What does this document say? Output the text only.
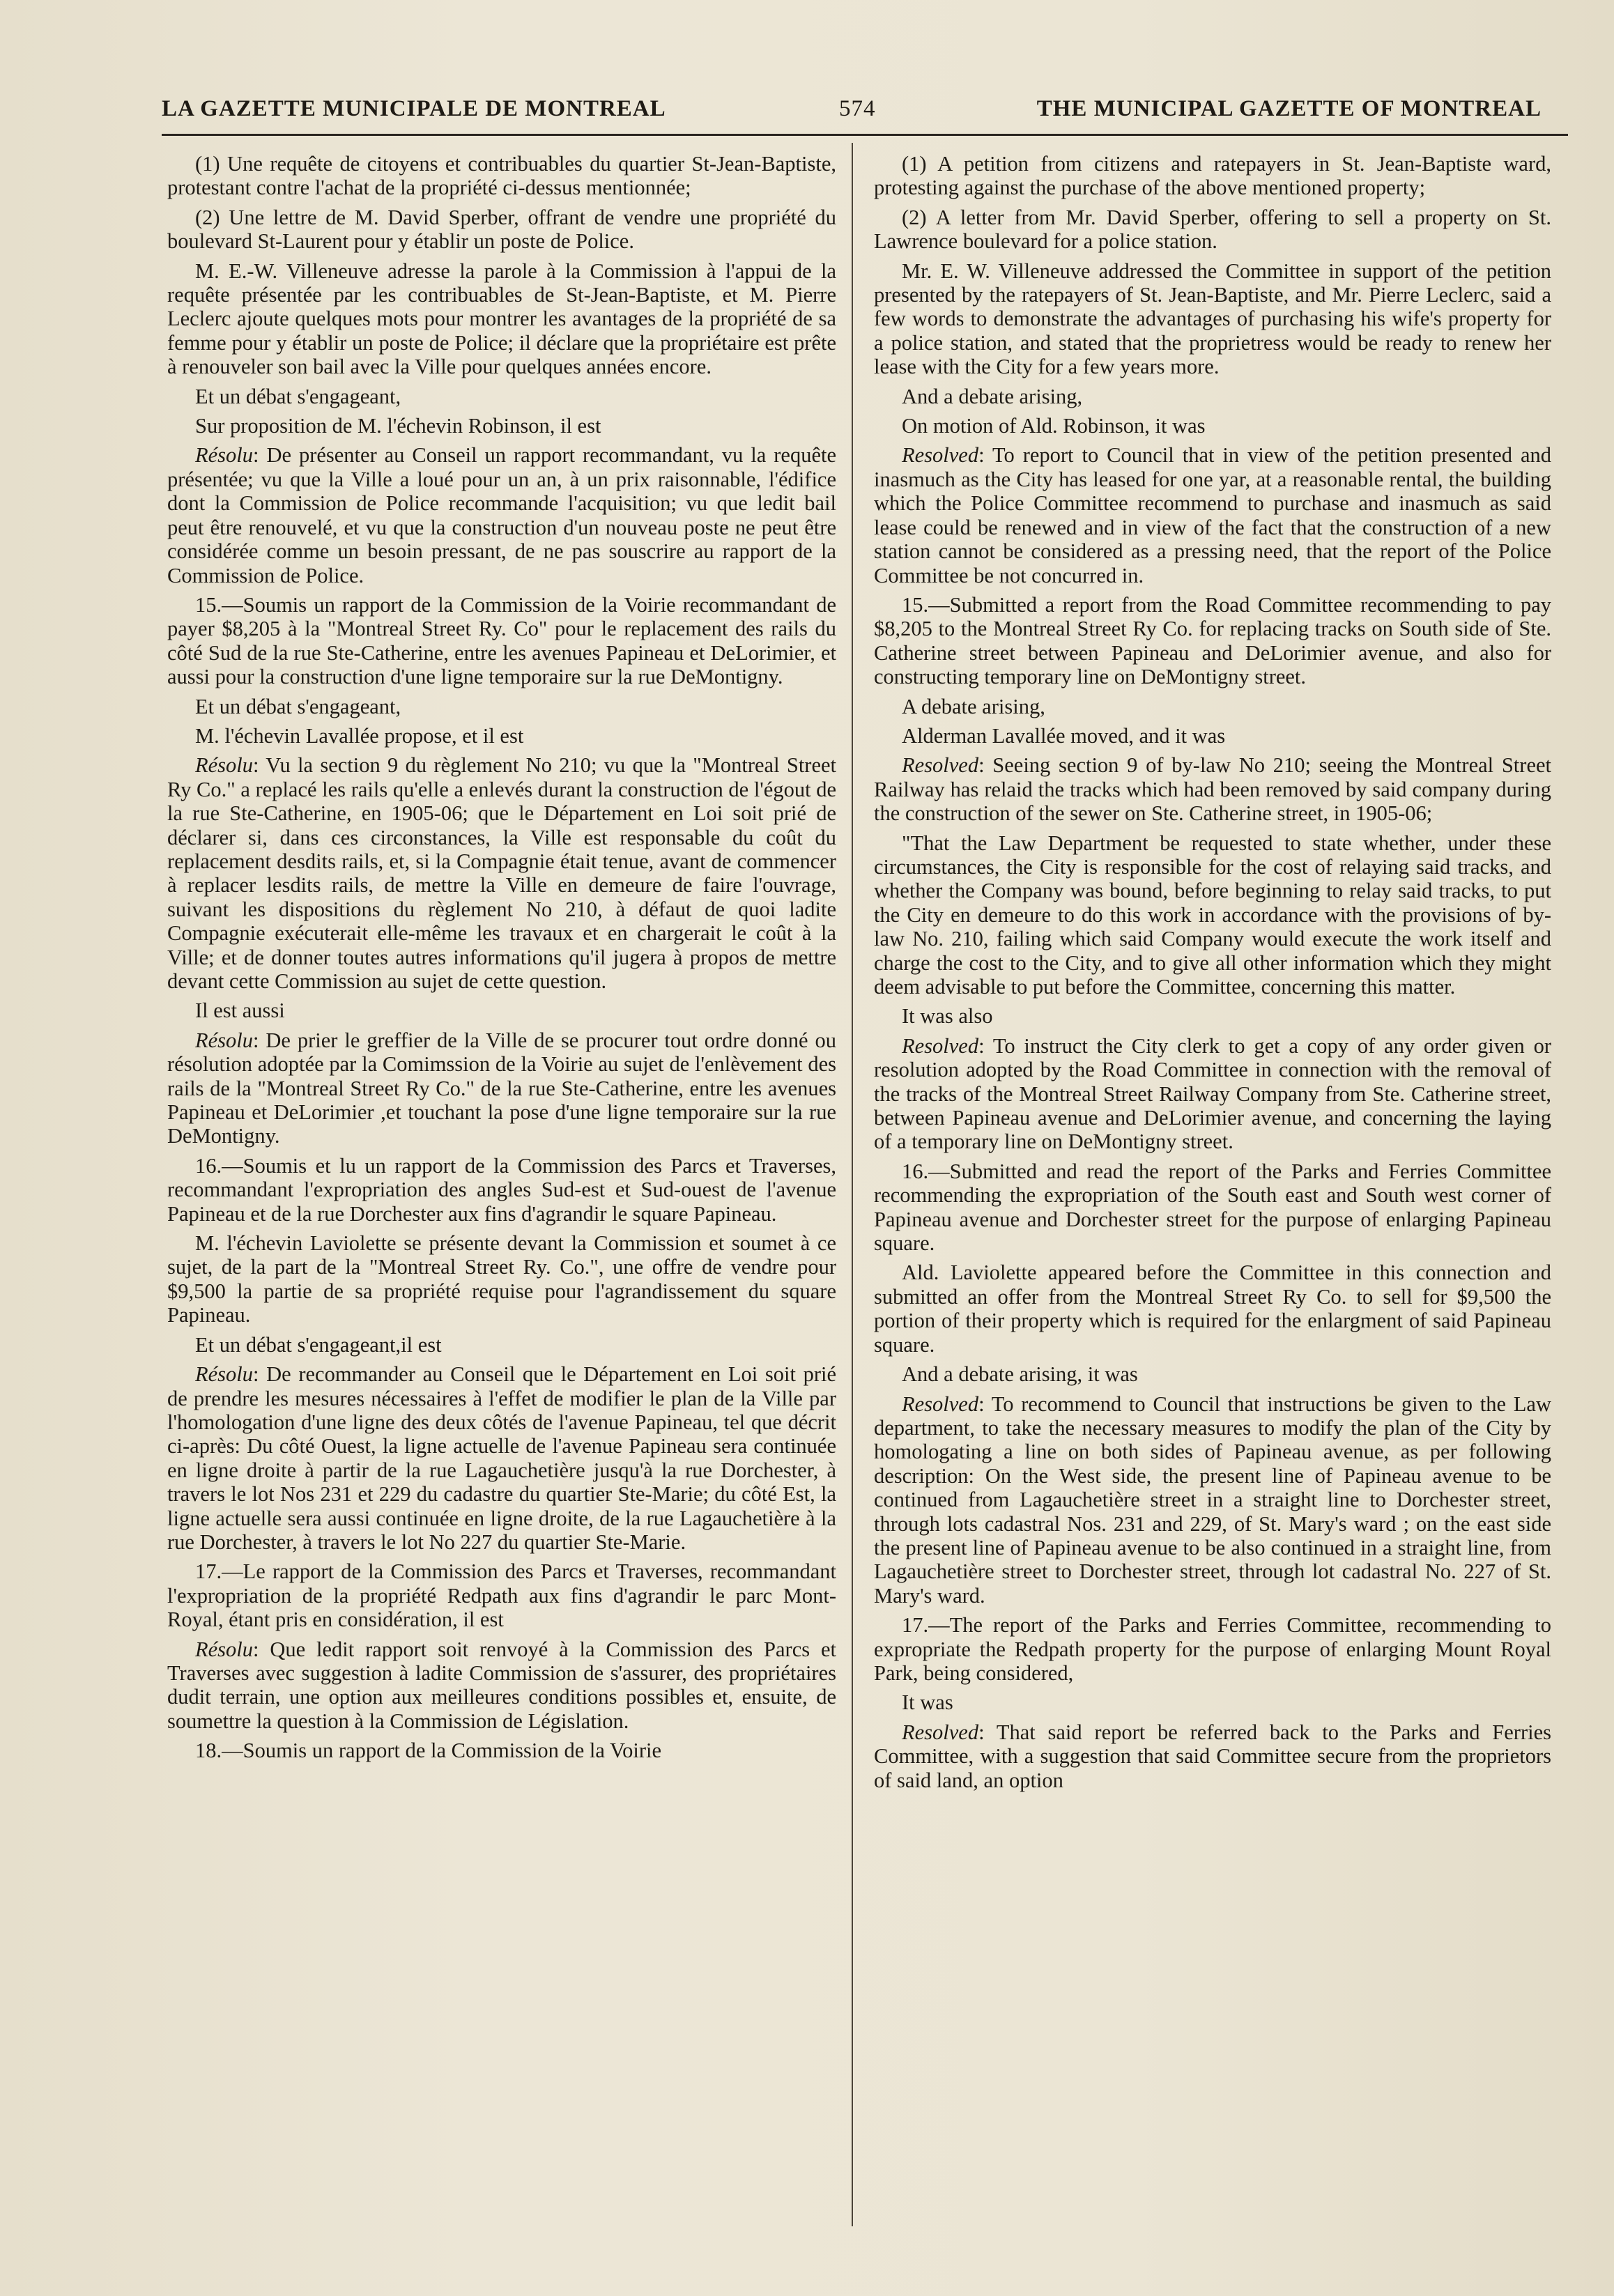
LA GAZETTE MUNICIPALE DE MONTREAL	574	THE MUNICIPAL GAZETTE OF MONTREAL

(1) Une requête de citoyens et contribuables du quartier St-Jean-Baptiste, protestant contre l'achat de la propriété ci-dessus mentionnée;

(2) Une lettre de M. David Sperber, offrant de vendre une propriété du boulevard St-Laurent pour y établir un poste de Police.

M. E.-W. Villeneuve adresse la parole à la Commission à l'appui de la requête présentée par les contribuables de St-Jean-Baptiste, et M. Pierre Leclerc ajoute quelques mots pour montrer les avantages de la propriété de sa femme pour y établir un poste de Police; il déclare que la propriétaire est prête à renouveler son bail avec la Ville pour quelques années encore.

Et un débat s'engageant,

Sur proposition de M. l'échevin Robinson, il est

Résolu: De présenter au Conseil un rapport recommandant, vu la requête présentée; vu que la Ville a loué pour un an, à un prix raisonnable, l'édifice dont la Commission de Police recommande l'acquisition; vu que ledit bail peut être renouvelé, et vu que la construction d'un nouveau poste ne peut être considérée comme un besoin pressant, de ne pas souscrire au rapport de la Commission de Police.

15.—Soumis un rapport de la Commission de la Voirie recommandant de payer $8,205 à la "Montreal Street Ry. Co" pour le replacement des rails du côté Sud de la rue Ste-Catherine, entre les avenues Papineau et DeLorimier, et aussi pour la construction d'une ligne temporaire sur la rue DeMontigny.

Et un débat s'engageant,

M. l'échevin Lavallée propose, et il est

Résolu: Vu la section 9 du règlement No 210; vu que la "Montreal Street Ry Co." a replacé les rails qu'elle a enlevés durant la construction de l'égout de la rue Ste-Catherine, en 1905-06; que le Département en Loi soit prié de déclarer si, dans ces circonstances, la Ville est responsable du coût du replacement desdits rails, et, si la Compagnie était tenue, avant de commencer à replacer lesdits rails, de mettre la Ville en demeure de faire l'ouvrage, suivant les dispositions du règlement No 210, à défaut de quoi ladite Compagnie exécuterait elle-même les travaux et en chargerait le coût à la Ville; et de donner toutes autres informations qu'il jugera à propos de mettre devant cette Commission au sujet de cette question.

Il est aussi

Résolu: De prier le greffier de la Ville de se procurer tout ordre donné ou résolution adoptée par la Comimssion de la Voirie au sujet de l'enlèvement des rails de la "Montreal Street Ry Co." de la rue Ste-Catherine, entre les avenues Papineau et DeLorimier ,et touchant la pose d'une ligne temporaire sur la rue DeMontigny.

16.—Soumis et lu un rapport de la Commission des Parcs et Traverses, recommandant l'expropriation des angles Sud-est et Sud-ouest de l'avenue Papineau et de la rue Dorchester aux fins d'agrandir le square Papineau.

M. l'échevin Laviolette se présente devant la Commission et soumet à ce sujet, de la part de la "Montreal Street Ry. Co.", une offre de vendre pour $9,500 la partie de sa propriété requise pour l'agrandissement du square Papineau.

Et un débat s'engageant,il est

Résolu: De recommander au Conseil que le Département en Loi soit prié de prendre les mesures nécessaires à l'effet de modifier le plan de la Ville par l'homologation d'une ligne des deux côtés de l'avenue Papineau, tel que décrit ci-après: Du côté Ouest, la ligne actuelle de l'avenue Papineau sera continuée en ligne droite à partir de la rue Lagauchetière jusqu'à la rue Dorchester, à travers le lot Nos 231 et 229 du cadastre du quartier Ste-Marie; du côté Est, la ligne actuelle sera aussi continuée en ligne droite, de la rue Lagauchetière à la rue Dorchester, à travers le lot No 227 du quartier Ste-Marie.

17.—Le rapport de la Commission des Parcs et Traverses, recommandant l'expropriation de la propriété Redpath aux fins d'agrandir le parc Mont-Royal, étant pris en considération, il est

Résolu: Que ledit rapport soit renvoyé à la Commission des Parcs et Traverses avec suggestion à ladite Commission de s'assurer, des propriétaires dudit terrain, une option aux meilleures conditions possibles et, ensuite, de soumettre la question à la Commission de Législation.

18.—Soumis un rapport de la Commission de la Voirie

(1) A petition from citizens and ratepayers in St. Jean-Baptiste ward, protesting against the purchase of the above mentioned property;

(2) A letter from Mr. David Sperber, offering to sell a property on St. Lawrence boulevard for a police station.

Mr. E. W. Villeneuve addressed the Committee in support of the petition presented by the ratepayers of St. Jean-Baptiste, and Mr. Pierre Leclerc, said a few words to demonstrate the advantages of purchasing his wife's property for a police station, and stated that the proprietress would be ready to renew her lease with the City for a few years more.

And a debate arising,

On motion of Ald. Robinson, it was

Resolved: To report to Council that in view of the petition presented and inasmuch as the City has leased for one yar, at a reasonable rental, the building which the Police Committee recommend to purchase and inasmuch as said lease could be renewed and in view of the fact that the construction of a new station cannot be considered as a pressing need, that the report of the Police Committee be not concurred in.

15.—Submitted a report from the Road Committee recommending to pay $8,205 to the Montreal Street Ry Co. for replacing tracks on South side of Ste. Catherine street between Papineau and DeLorimier avenue, and also for constructing temporary line on DeMontigny street.

A debate arising,

Alderman Lavallée moved, and it was

Resolved: Seeing section 9 of by-law No 210; seeing the Montreal Street Railway has relaid the tracks which had been removed by said company during the construction of the sewer on Ste. Catherine street, in 1905-06;

"That the Law Department be requested to state whether, under these circumstances, the City is responsible for the cost of relaying said tracks, and whether the Company was bound, before beginning to relay said tracks, to put the City en demeure to do this work in accordance with the provisions of by-law No. 210, failing which said Company would execute the work itself and charge the cost to the City, and to give all other information which they might deem advisable to put before the Committee, concerning this matter.

It was also

Resolved: To instruct the City clerk to get a copy of any order given or resolution adopted by the Road Committee in connection with the removal of the tracks of the Montreal Street Railway Company from Ste. Catherine street, between Papineau avenue and DeLorimier avenue, and concerning the laying of a temporary line on DeMontigny street.

16.—Submitted and read the report of the Parks and Ferries Committee recommending the expropriation of the South east and South west corner of Papineau avenue and Dorchester street for the purpose of enlarging Papineau square.

Ald. Laviolette appeared before the Committee in this connection and submitted an offer from the Montreal Street Ry Co. to sell for $9,500 the portion of their property which is required for the enlargment of said Papineau square.

And a debate arising, it was

Resolved: To recommend to Council that instructions be given to the Law department, to take the necessary measures to modify the plan of the City by homologating a line on both sides of Papineau avenue, as per following description: On the West side, the present line of Papineau avenue to be continued from Lagauchetière street in a straight line to Dorchester street, through lots cadastral Nos. 231 and 229, of St. Mary's ward ; on the east side the present line of Papineau avenue to be also continued in a straight line, from Lagauchetière street to Dorchester street, through lot cadastral No. 227 of St. Mary's ward.

17.—The report of the Parks and Ferries Committee, recommending to expropriate the Redpath property for the purpose of enlarging Mount Royal Park, being considered,

It was

Resolved: That said report be referred back to the Parks and Ferries Committee, with a suggestion that said Committee secure from the proprietors of said land, an option
